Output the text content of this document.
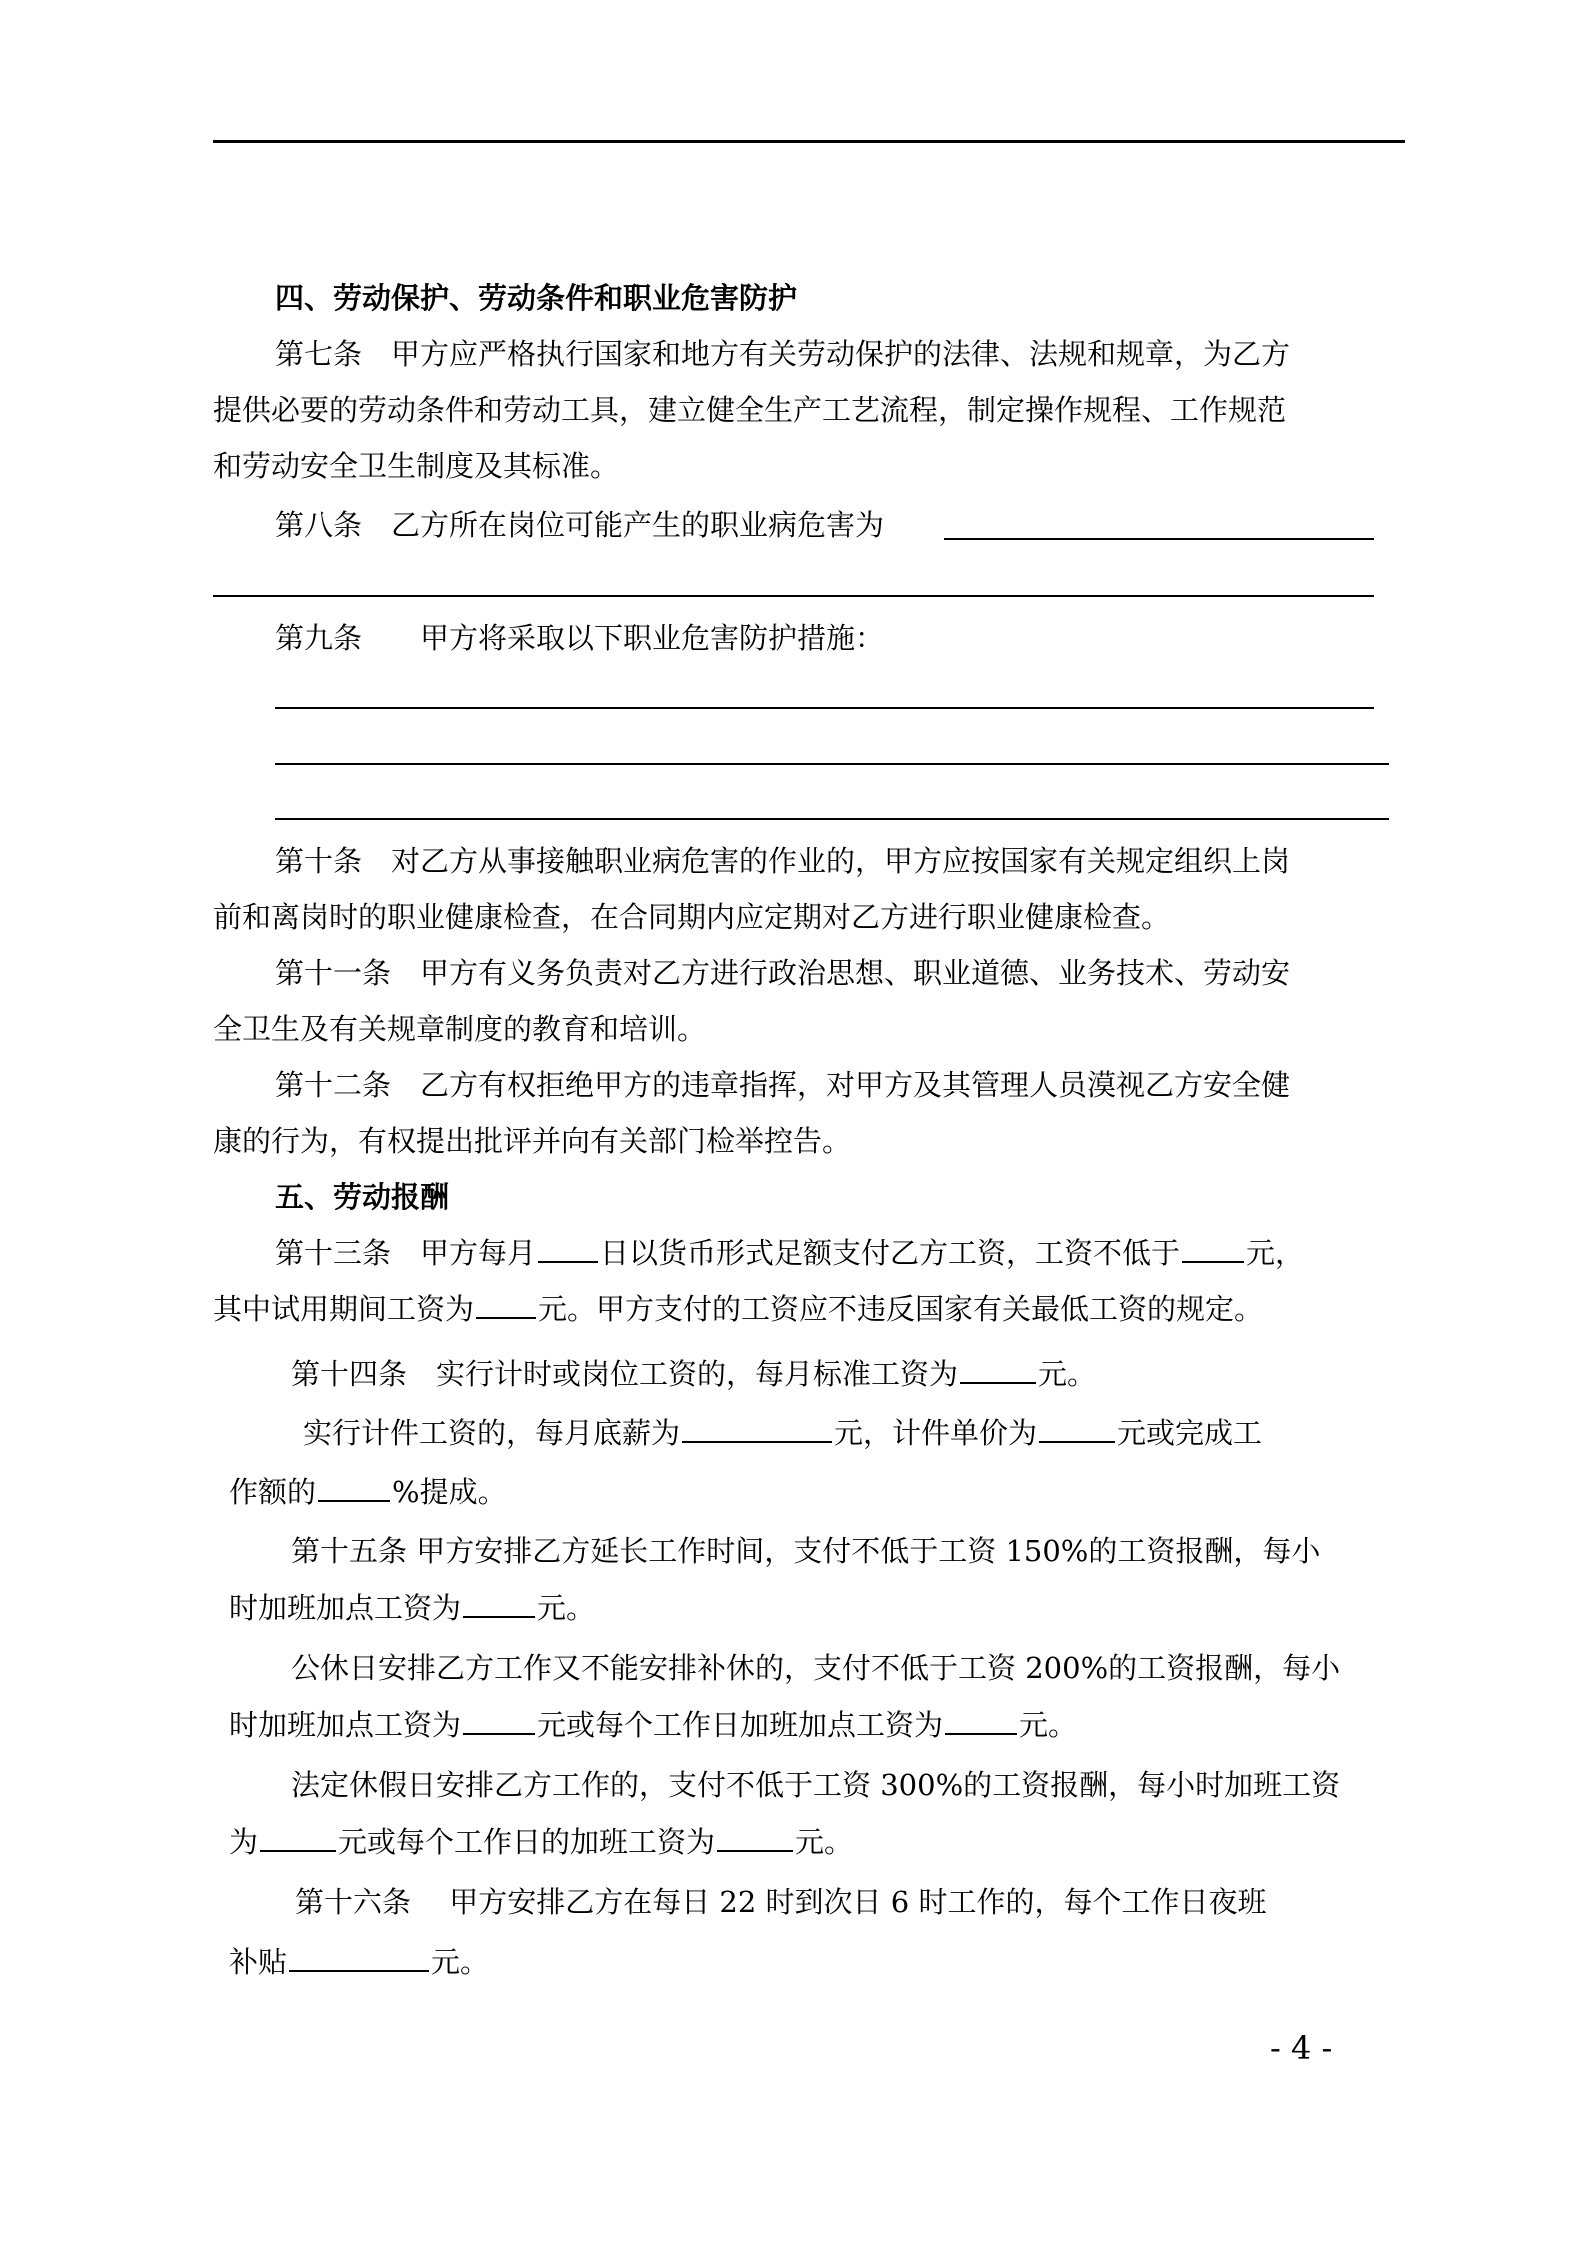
四、劳动保护、劳动条件和职业危害防护
第七条　甲方应严格执行国家和地方有关劳动保护的法律、法规和规章，为乙方
提供必要的劳动条件和劳动工具，建立健全生产工艺流程，制定操作规程、工作规范
和劳动安全卫生制度及其标准。
第八条　乙方所在岗位可能产生的职业病危害为
第九条　　甲方将采取以下职业危害防护措施：
第十条　对乙方从事接触职业病危害的作业的，甲方应按国家有关规定组织上岗
前和离岗时的职业健康检查，在合同期内应定期对乙方进行职业健康检查。
第十一条　甲方有义务负责对乙方进行政治思想、职业道德、业务技术、劳动安
全卫生及有关规章制度的教育和培训。
第十二条　乙方有权拒绝甲方的违章指挥，对甲方及其管理人员漠视乙方安全健
康的行为，有权提出批评并向有关部门检举控告。
五、劳动报酬
第十三条　甲方每月 日以货币形式足额支付乙方工资，工资不低于 元，
其中试用期间工资为 元。甲方支付的工资应不违反国家有关最低工资的规定。
第十四条　实行计时或岗位工资的，每月标准工资为	元。
实行计件工资的，每月底薪为	元，计件单价为	元或完成工
作额的	%提成。
第十五条 甲方安排乙方延长工作时间，支付不低于工资 150%的工资报酬，每小
时加班加点工资为	元。
公休日安排乙方工作又不能安排补休的，支付不低于工资 200%的工资报酬，每小
时加班加点工资为	元或每个工作日加班加点工资为	元。
法定休假日安排乙方工作的，支付不低于工资 300%的工资报酬，每小时加班工资
为	元或每个工作日的加班工资为	元。
第十六条　 甲方安排乙方在每日 22 时到次日 6 时工作的，每个工作日夜班
补贴	元。
- 4 -
